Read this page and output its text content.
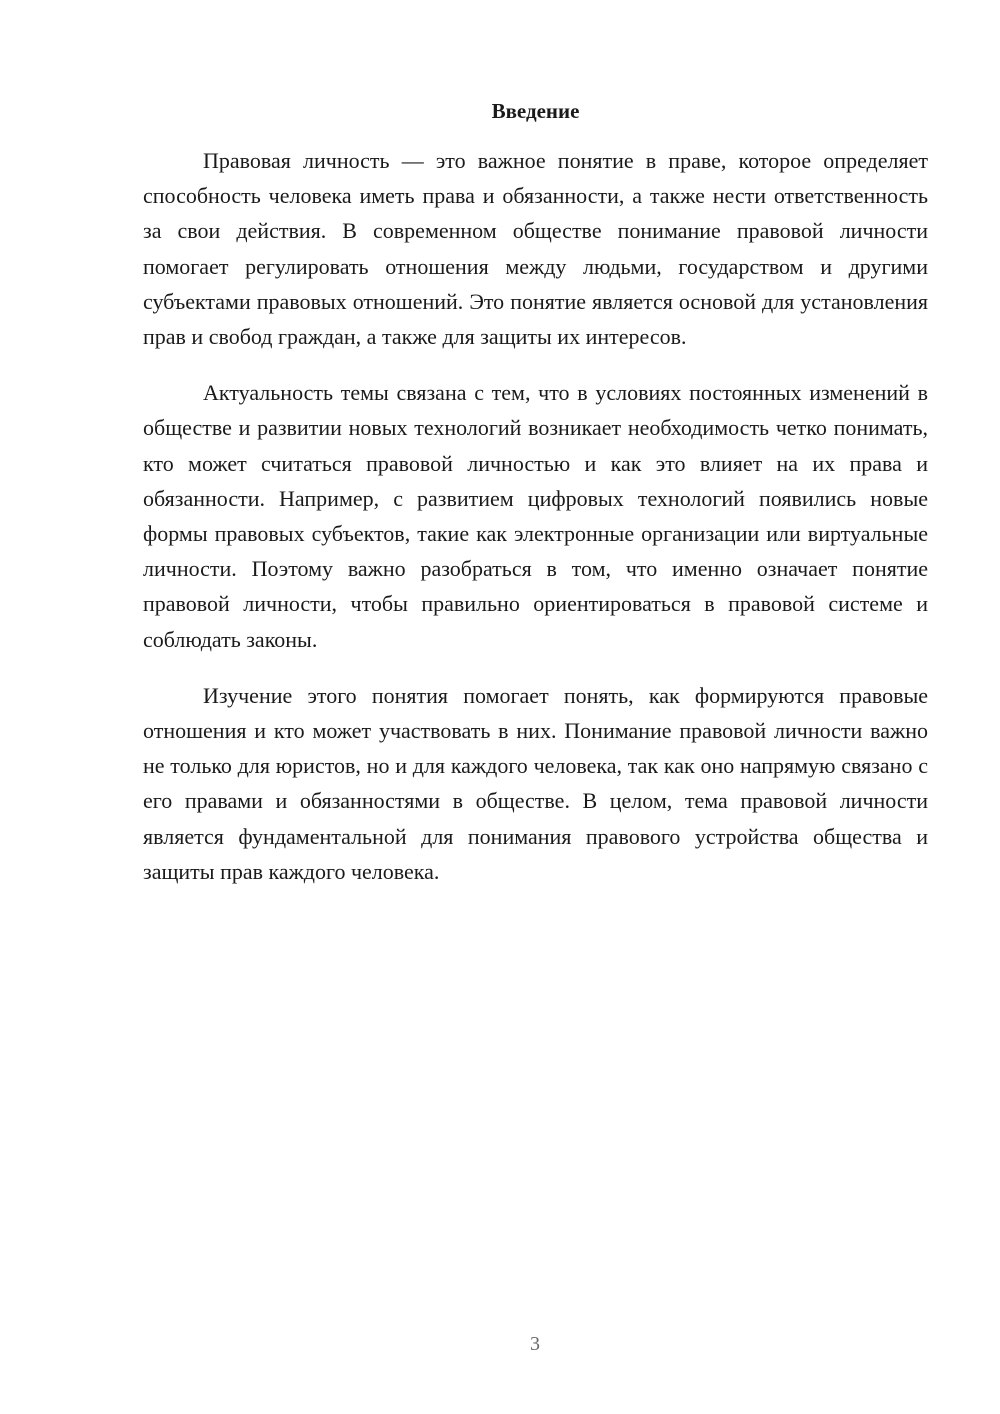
Введение

Правовая личность — это важное понятие в праве, которое определяет способность человека иметь права и обязанности, а также нести ответственность за свои действия. В современном обществе понимание правовой личности помогает регулировать отношения между людьми, государством и другими субъектами правовых отношений. Это понятие является основой для установления прав и свобод граждан, а также для защиты их интересов.

Актуальность темы связана с тем, что в условиях постоянных изменений в обществе и развитии новых технологий возникает необходимость четко понимать, кто может считаться правовой личностью и как это влияет на их права и обязанности. Например, с развитием цифровых технологий появились новые формы правовых субъектов, такие как электронные организации или виртуальные личности. Поэтому важно разобраться в том, что именно означает понятие правовой личности, чтобы правильно ориентироваться в правовой системе и соблюдать законы.

Изучение этого понятия помогает понять, как формируются правовые отношения и кто может участвовать в них. Понимание правовой личности важно не только для юристов, но и для каждого человека, так как оно напрямую связано с его правами и обязанностями в обществе. В целом, тема правовой личности является фундаментальной для понимания правового устройства общества и защиты прав каждого человека.

3
